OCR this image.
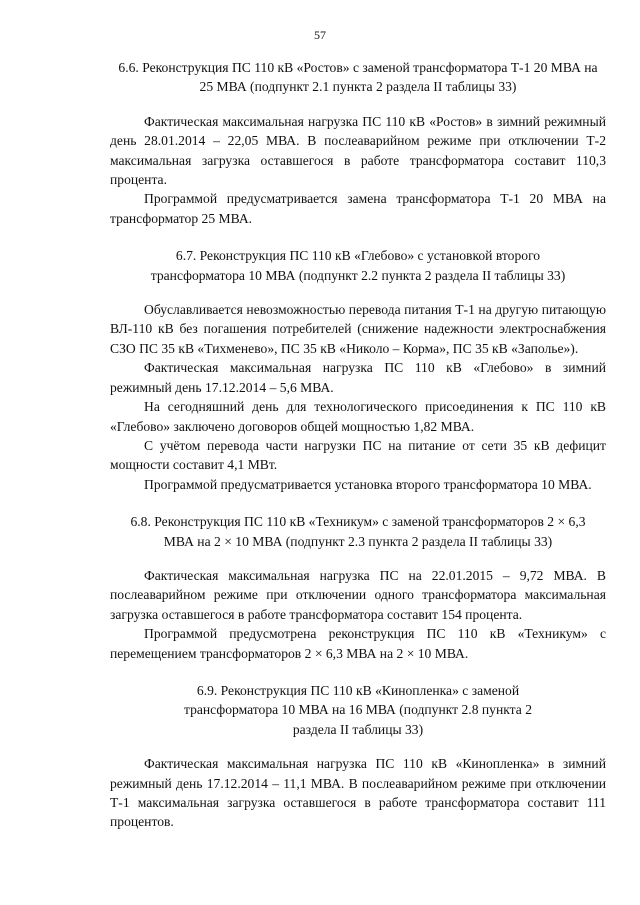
57

6.6. Реконструкция ПС 110 кВ «Ростов» с заменой трансформатора Т-1 20 МВА на 25 МВА (подпункт 2.1 пункта 2 раздела II таблицы 33)

Фактическая максимальная нагрузка ПС 110 кВ «Ростов» в зимний режимный день 28.01.2014 – 22,05 МВА. В послеаварийном режиме при отключении Т-2 максимальная загрузка оставшегося в работе трансформатора составит 110,3 процента.

Программой предусматривается замена трансформатора Т-1 20 МВА на трансформатор 25 МВА.

6.7. Реконструкция ПС 110 кВ «Глебово» с установкой второго трансформатора 10 МВА (подпункт 2.2 пункта 2 раздела II таблицы 33)

Обуславливается невозможностью перевода питания Т-1 на другую питающую ВЛ-110 кВ без погашения потребителей (снижение надежности электроснабжения СЗО ПС 35 кВ «Тихменево», ПС 35 кВ «Николо – Корма», ПС 35 кВ «Заполье»).

Фактическая максимальная нагрузка ПС 110 кВ «Глебово» в зимний режимный день 17.12.2014 – 5,6 МВА.

На сегодняшний день для технологического присоединения к ПС 110 кВ «Глебово» заключено договоров общей мощностью 1,82 МВА.

С учётом перевода части нагрузки ПС на питание от сети 35 кВ дефицит мощности составит 4,1 МВт.

Программой предусматривается установка второго трансформатора 10 МВА.

6.8. Реконструкция ПС 110 кВ «Техникум» с заменой трансформаторов 2 × 6,3 МВА на 2 × 10 МВА (подпункт 2.3 пункта 2 раздела II таблицы 33)

Фактическая максимальная нагрузка ПС на 22.01.2015 – 9,72 МВА. В послеаварийном режиме при отключении одного трансформатора максимальная загрузка оставшегося в работе трансформатора составит 154 процента.

Программой предусмотрена реконструкция ПС 110 кВ «Техникум» с перемещением трансформаторов 2 × 6,3 МВА на 2 × 10 МВА.

6.9. Реконструкция ПС 110 кВ «Кинопленка» с заменой трансформатора 10 МВА на 16 МВА (подпункт 2.8 пункта 2 раздела II таблицы 33)

Фактическая максимальная нагрузка ПС 110 кВ «Кинопленка» в зимний режимный день 17.12.2014 – 11,1 МВА. В послеаварийном режиме при отключении Т-1 максимальная загрузка оставшегося в работе трансформатора составит 111 процентов.
